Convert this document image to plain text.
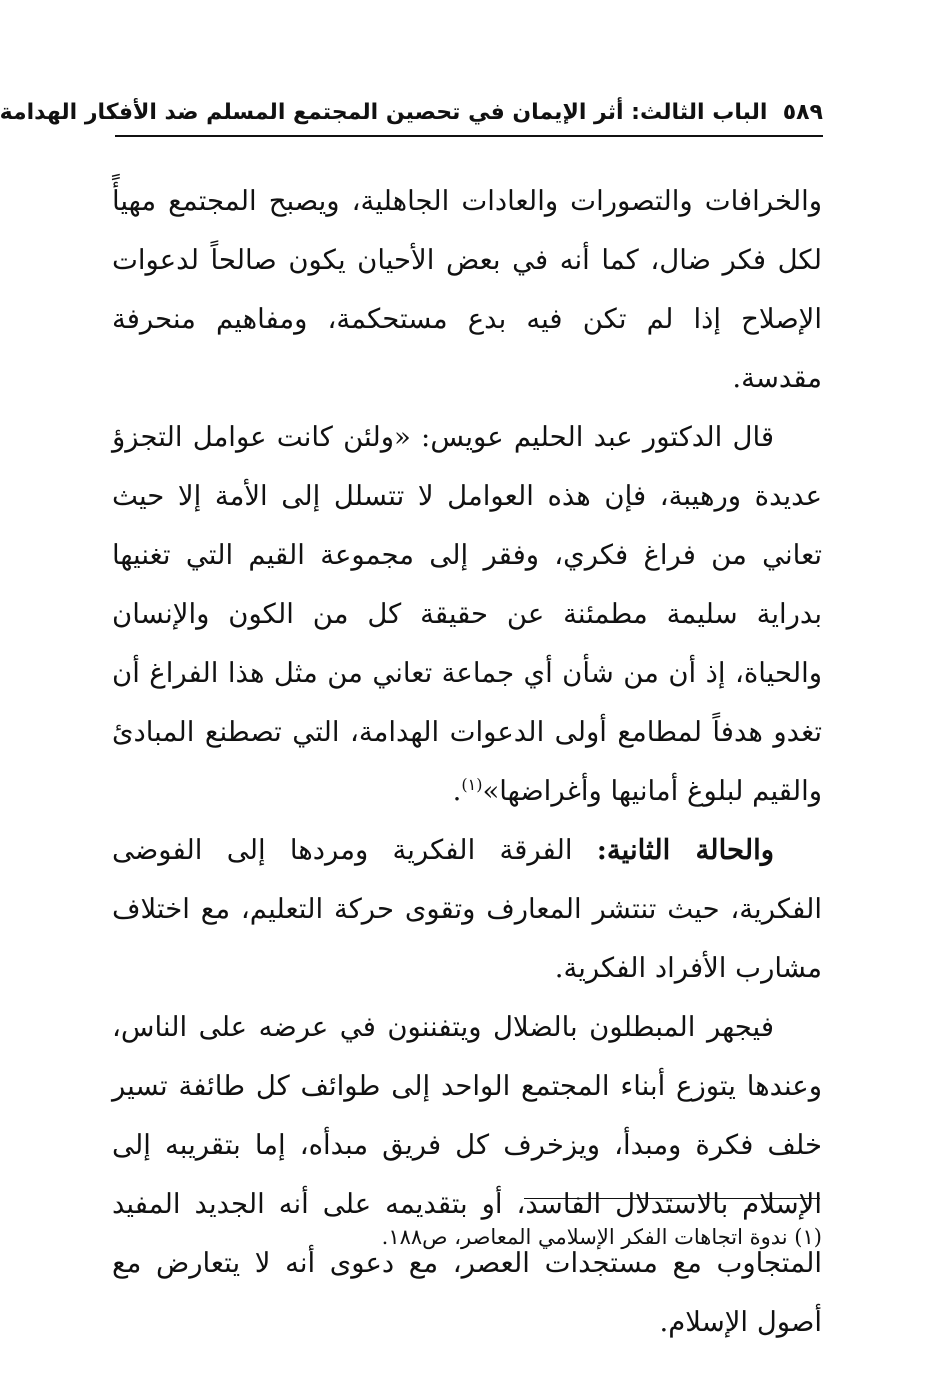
٥٨٩

الباب الثالث: أثر الإيمان في تحصين المجتمع المسلم ضد الأفكار الهدامة

والخرافات والتصورات والعادات الجاهلية، ويصبح المجتمع مهيأً لكل فكر ضال، كما أنه في بعض الأحيان يكون صالحاً لدعوات الإصلاح إذا لم تكن فيه بدع مستحكمة، ومفاهيم منحرفة مقدسة.

قال الدكتور عبد الحليم عويس: «ولئن كانت عوامل التجزؤ عديدة ورهيبة، فإن هذه العوامل لا تتسلل إلى الأمة إلا حيث تعاني من فراغ فكري، وفقر إلى مجموعة القيم التي تغنيها بدراية سليمة مطمئنة عن حقيقة كل من الكون والإنسان والحياة، إذ أن من شأن أي جماعة تعاني من مثل هذا الفراغ أن تغدو هدفاً لمطامع أولى الدعوات الهدامة، التي تصطنع المبادئ والقيم لبلوغ أمانيها وأغراضها»$^{(١)}$.

والحالة الثانية: الفرقة الفكرية ومردها إلى الفوضى الفكرية، حيث تنتشر المعارف وتقوى حركة التعليم، مع اختلاف مشارب الأفراد الفكرية.

فيجهر المبطلون بالضلال ويتفننون في عرضه على الناس، وعندها يتوزع أبناء المجتمع الواحد إلى طوائف كل طائفة تسير خلف فكرة ومبدأ، ويزخرف كل فريق مبدأه، إما بتقريبه إلى الإسلام بالاستدلال الفاسد، أو بتقديمه على أنه الجديد المفيد المتجاوب مع مستجدات العصر، مع دعوى أنه لا يتعارض مع أصول الإسلام.

(١) ندوة اتجاهات الفكر الإسلامي المعاصر، ص١٨٨.
